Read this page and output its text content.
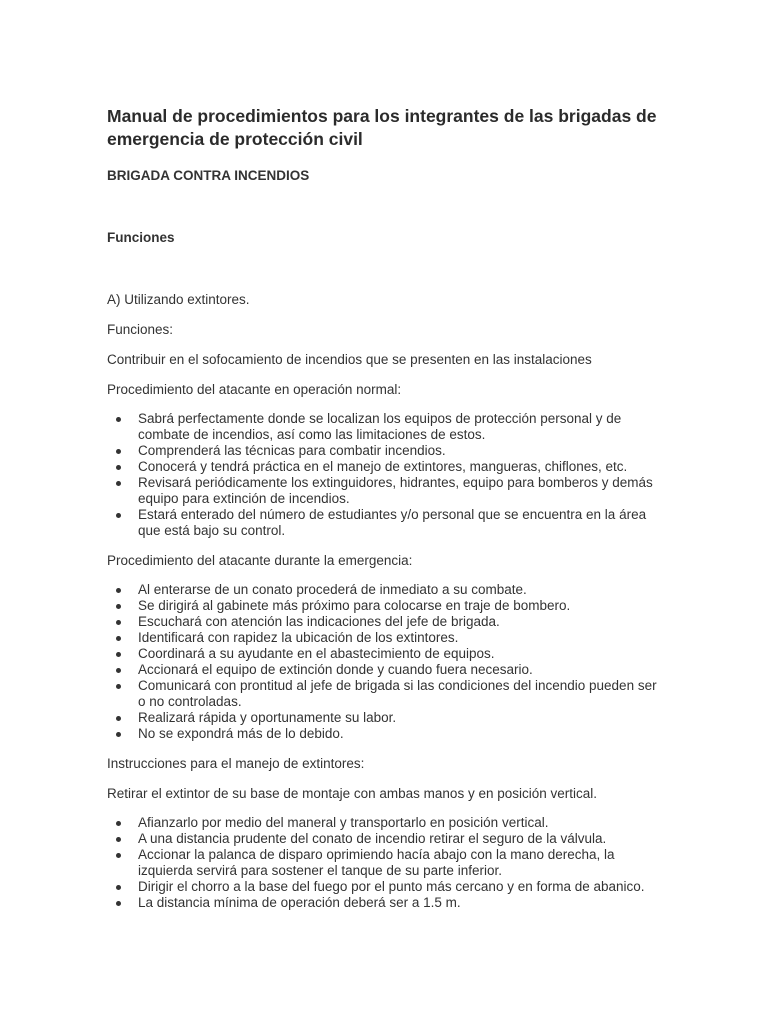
Manual de procedimientos para los integrantes de las brigadas de emergencia de protección civil
BRIGADA CONTRA INCENDIOS
Funciones

A) Utilizando extintores.

Funciones:

Contribuir en el sofocamiento de incendios que se presenten en las instalaciones

Procedimiento del atacante en operación normal:

Sabrá perfectamente donde se localizan los equipos de protección personal y de combate de incendios, así como las limitaciones de estos.
Comprenderá las técnicas para combatir incendios.
Conocerá y tendrá práctica en el manejo de extintores, mangueras, chiflones, etc.
Revisará periódicamente los extinguidores, hidrantes, equipo para bomberos y demás equipo para extinción de incendios.
Estará enterado del número de estudiantes y/o personal que se encuentra en la área que está bajo su control.

Procedimiento del atacante durante la emergencia:

Al enterarse de un conato procederá de inmediato a su combate.
Se dirigirá al gabinete más próximo para colocarse en traje de bombero.
Escuchará con atención las indicaciones del jefe de brigada.
Identificará con rapidez la ubicación de los extintores.
Coordinará a su ayudante en el abastecimiento de equipos.
Accionará el equipo de extinción donde y cuando fuera necesario.
Comunicará con prontitud al jefe de brigada si las condiciones del incendio pueden ser o no controladas.
Realizará rápida y oportunamente su labor.
No se expondrá más de lo debido.

Instrucciones para el manejo de extintores:

Retirar el extintor de su base de montaje con ambas manos y en posición vertical.

Afianzarlo por medio del maneral y transportarlo en posición vertical.
A una distancia prudente del conato de incendio retirar el seguro de la válvula.
Accionar la palanca de disparo oprimiendo hacía abajo con la mano derecha, la izquierda servirá para sostener el tanque de su parte inferior.
Dirigir el chorro a la base del fuego por el punto más cercano y en forma de abanico.
La distancia mínima de operación deberá ser a 1.5 m.
